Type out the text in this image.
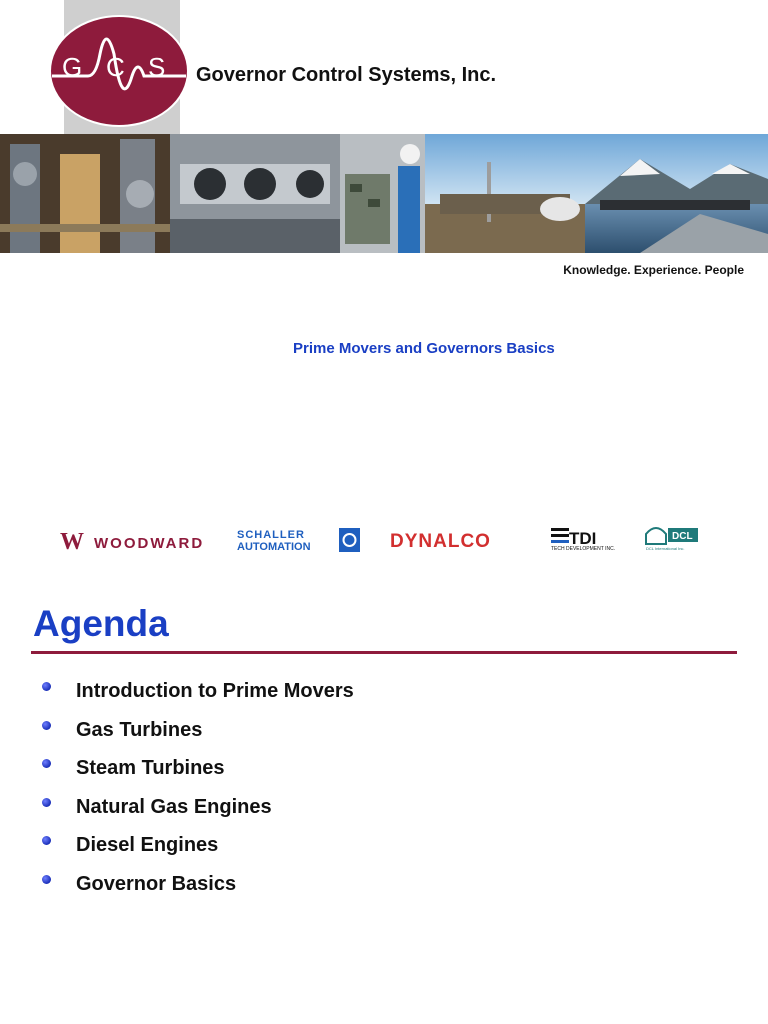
G C S Governor Control Systems, Inc.
Knowledge. Experience. People
Prime Movers and Governors Basics
W WOODWARD	SCHALLER
AUTOMATION	DYNALCO	TDI
TECH DEVELOPMENT INC.
DCL
DCL International Inc.
Agenda
Introduction to Prime Movers
Gas Turbines
Steam Turbines
Natural Gas Engines
Diesel Engines
Governor Basics
